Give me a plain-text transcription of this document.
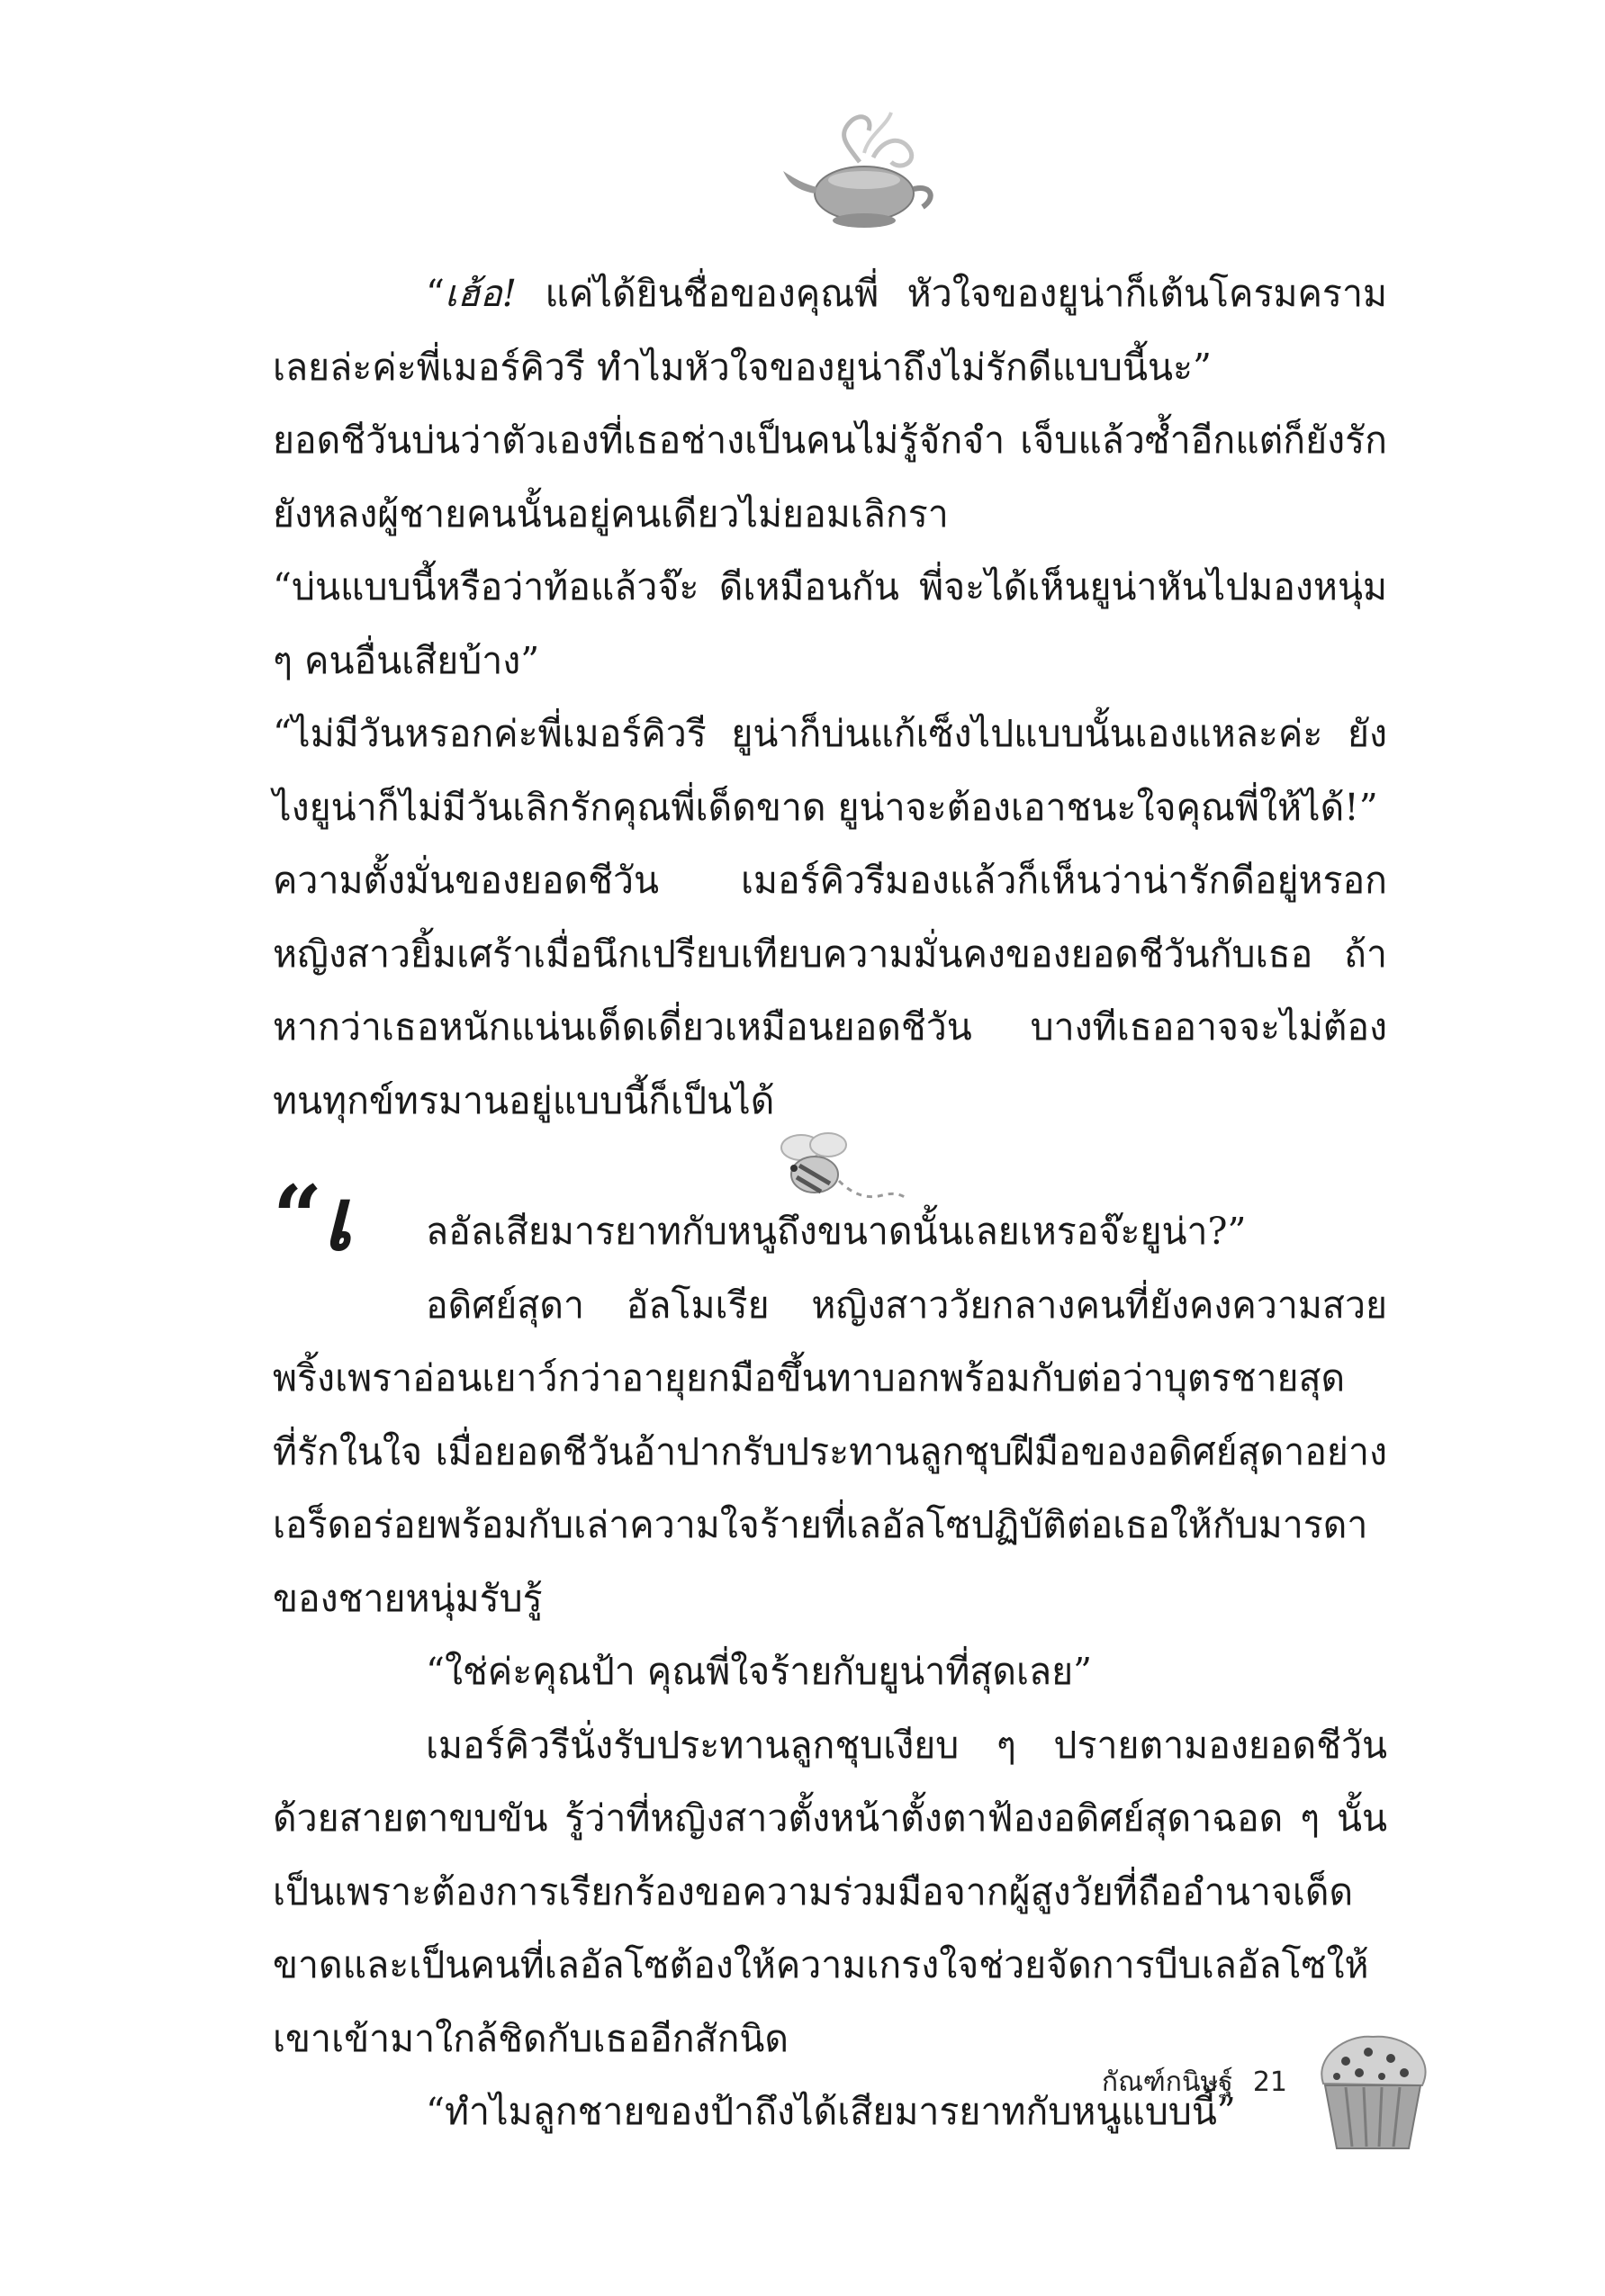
“เฮ้อ! แค่ได้ยินชื่อของคุณพี่ หัวใจของยูน่าก็เต้นโครมครามเลยล่ะค่ะพี่เมอร์คิวรี ทำไมหัวใจของยูน่าถึงไม่รักดีแบบนี้นะ”
ยอดชีวันบ่นว่าตัวเองที่เธอช่างเป็นคนไม่รู้จักจำ เจ็บแล้วซ้ำอีกแต่ก็ยังรักยังหลงผู้ชายคนนั้นอยู่คนเดียวไม่ยอมเลิกรา
“บ่นแบบนี้หรือว่าท้อแล้วจ๊ะ ดีเหมือนกัน พี่จะได้เห็นยูน่าหันไปมองหนุ่ม ๆ คนอื่นเสียบ้าง”
“ไม่มีวันหรอกค่ะพี่เมอร์คิวรี ยูน่าก็บ่นแก้เซ็งไปแบบนั้นเองแหละค่ะ ยังไงยูน่าก็ไม่มีวันเลิกรักคุณพี่เด็ดขาด ยูน่าจะต้องเอาชนะใจคุณพี่ให้ได้!”
ความตั้งมั่นของยอดชีวัน เมอร์คิวรีมองแล้วก็เห็นว่าน่ารักดีอยู่หรอก หญิงสาวยิ้มเศร้าเมื่อนึกเปรียบเทียบความมั่นคงของยอดชีวันกับเธอ ถ้าหากว่าเธอหนักแน่นเด็ดเดี่ยวเหมือนยอดชีวัน บางทีเธออาจจะไม่ต้องทนทุกข์ทรมานอยู่แบบนี้ก็เป็นได้

“เ ลอัลเสียมารยาทกับหนูถึงขนาดนั้นเลยเหรอจ๊ะยูน่า?”
อดิศย์สุดา อัลโมเรีย หญิงสาววัยกลางคนที่ยังคงความสวยพริ้งเพราอ่อนเยาว์กว่าอายุยกมือขึ้นทาบอกพร้อมกับต่อว่าบุตรชายสุดที่รักในใจ เมื่อยอดชีวันอ้าปากรับประทานลูกชุบฝีมือของอดิศย์สุดาอย่างเอร็ดอร่อยพร้อมกับเล่าความใจร้ายที่เลอัลโซปฏิบัติต่อเธอให้กับมารดาของชายหนุ่มรับรู้
“ใช่ค่ะคุณป้า คุณพี่ใจร้ายกับยูน่าที่สุดเลย”
เมอร์คิวรีนั่งรับประทานลูกชุบเงียบ ๆ ปรายตามองยอดชีวันด้วยสายตาขบขัน รู้ว่าที่หญิงสาวตั้งหน้าตั้งตาฟ้องอดิศย์สุดาฉอด ๆ นั้นเป็นเพราะต้องการเรียกร้องขอความร่วมมือจากผู้สูงวัยที่ถืออำนาจเด็ดขาดและเป็นคนที่เลอัลโซต้องให้ความเกรงใจช่วยจัดการบีบเลอัลโซให้เขาเข้ามาใกล้ชิดกับเธออีกสักนิด
“ทำไมลูกชายของป้าถึงได้เสียมารยาทกับหนูแบบนี้”

กัณฑ์กนิษฐ์ 21
